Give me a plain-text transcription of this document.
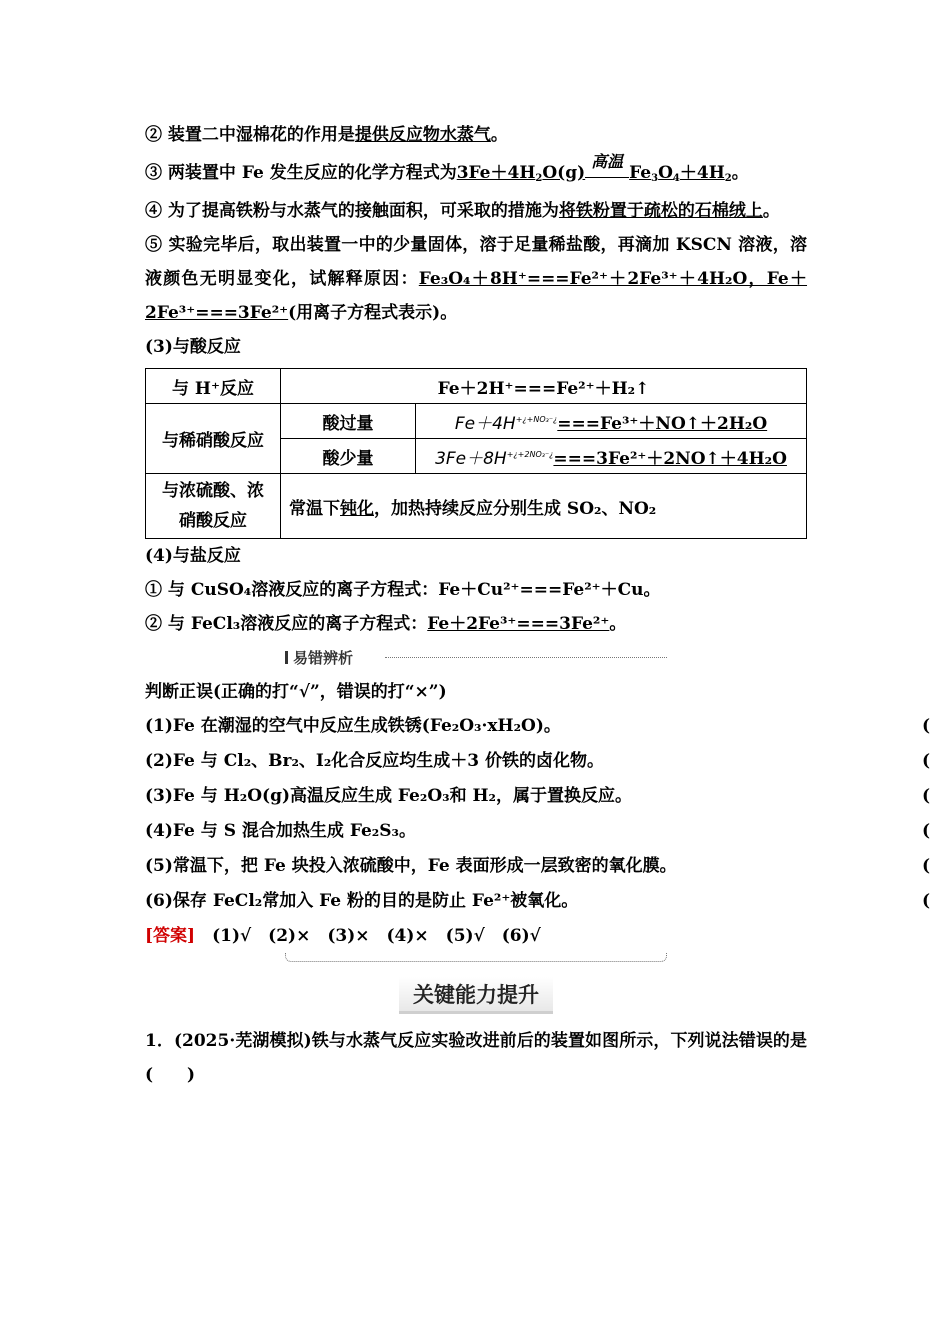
② 装置二中湿棉花的作用是提供反应物水蒸气。
③ 两装置中 Fe 发生反应的化学方程式为$3Fe+4H_2O(g)$
高温
$Fe_3O_4+4H_2$。
④ 为了提高铁粉与水蒸气的接触面积，可采取的措施为将铁粉置于疏松的石棉绒上。
⑤ 实验完毕后，取出装置一中的少量固体，溶于足量稀盐酸，再滴加 KSCN 溶液，溶液颜色无明显变化，试解释原因：Fe₃O₄＋8H⁺===Fe²⁺＋2Fe³⁺＋4H₂O，Fe＋2Fe³⁺===3Fe²⁺(用离子方程式表示)。
(3)与酸反应
与 H⁺反应	Fe＋2H⁺===Fe²⁺＋H₂↑	
与稀硝酸反应	酸过量	$Fe+4H^{+¿+NO_3^-¿}===Fe^{3+}+NO↑+2H_2O$
	酸少量	$3Fe+8H^{+¿+2NO_3^-¿}===3Fe^{2+}+2NO↑+4H_2O$
与浓硫酸、浓硝酸反应	常温下钝化，加热持续反应分别生成 SO₂、NO₂	
(4)与盐反应
① 与 CuSO₄溶液反应的离子方程式：Fe＋Cu²⁺===Fe²⁺＋Cu。
② 与 FeCl₃溶液反应的离子方程式：Fe＋2Fe³⁺===3Fe²⁺。
易错辨析
判断正误(正确的打“√”，错误的打“×”)
(1)Fe 在潮湿的空气中反应生成铁锈(Fe₂O₃·xH₂O)。	(
(2)Fe 与 Cl₂、Br₂、I₂化合反应均生成＋3 价铁的卤化物。	(
(3)Fe 与 H₂O(g)高温反应生成 Fe₂O₃和 H₂，属于置换反应。	(
(4)Fe 与 S 混合加热生成 Fe₂S₃。	(
(5)常温下，把 Fe 块投入浓硫酸中，Fe 表面形成一层致密的氧化膜。	(
(6)保存 FeCl₂常加入 Fe 粉的目的是防止 Fe²⁺被氧化。	(
[答案]　 (1)√　(2)×　(3)×　(4)×　(5)√　(6)√
关键能力提升
1．(2025·芜湖模拟)铁与水蒸气反应实验改进前后的装置如图所示，下列说法错误的是(　　)
